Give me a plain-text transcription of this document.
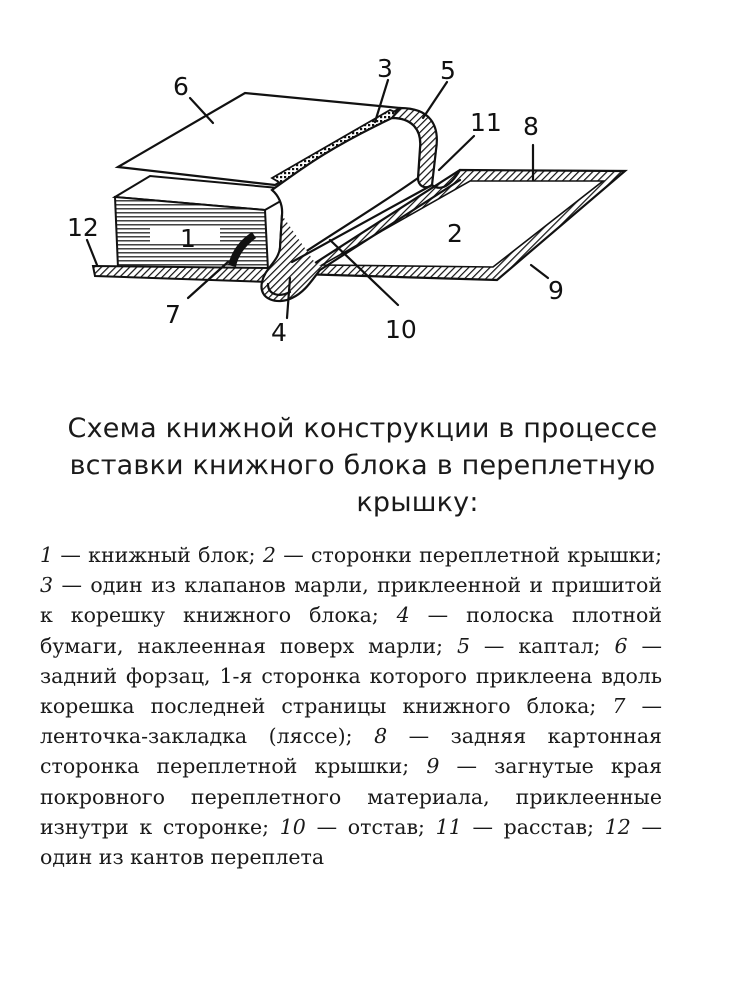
1	2
3
4
5
6
7
8
9
10
11
12
Схема книжной конструкции в процессе
вставки книжного блока в переплетную
крышку:
1 — книжный блок; 2 — сторонки переплетной крышки; 3 — один из клапанов марли, приклеенной и пришитой к корешку книжного блока; 4 — полоска плотной бумаги, наклеенная поверх марли; 5 — каптал; 6 — задний форзац, 1-я сторонка которого приклеена вдоль корешка последней страницы книжного блока; 7 — ленточка-закладка (ляссе); 8 — задняя картонная сторонка переплетной крышки; 9 — загнутые края покровного переплетного материала, приклеенные изнутри к сторонке; 10 — отстав; 11 — расстав; 12 — один из кантов переплета
